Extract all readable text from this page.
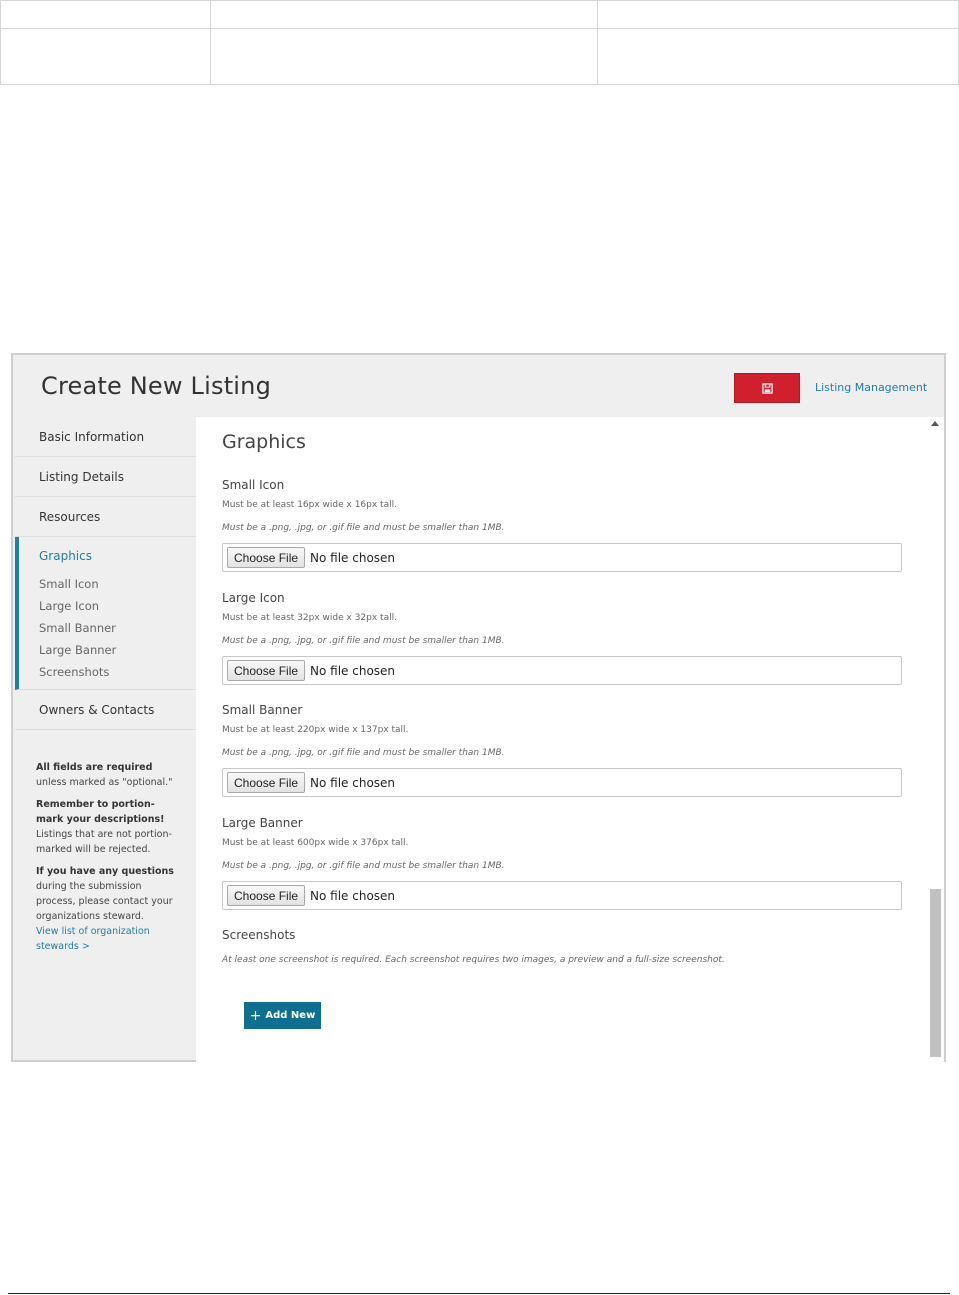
Create New Listing	Listing Management
Basic Information
Listing Details
Resources
Graphics
Small Icon
Large Icon
Small Banner
Large Banner
Screenshots
Owners & Contacts

All fields are required unless marked as "optional."

Remember to portion-mark your descriptions! Listings that are not portion-marked will be rejected.

If you have any questions during the submission process, please contact your organizations steward.
View list of organization stewards >

Graphics
Small Icon
Must be at least 16px wide x 16px tall.
Must be a .png, .jpg, or .gif file and must be smaller than 1MB.
Choose File	No file chosen
Large Icon
Must be at least 32px wide x 32px tall.
Must be a .png, .jpg, or .gif file and must be smaller than 1MB.
Choose File	No file chosen
Small Banner
Must be at least 220px wide x 137px tall.
Must be a .png, .jpg, or .gif file and must be smaller than 1MB.
Choose File	No file chosen
Large Banner
Must be at least 600px wide x 376px tall.
Must be a .png, .jpg, or .gif file and must be smaller than 1MB.
Choose File	No file chosen
Screenshots
At least one screenshot is required. Each screenshot requires two images, a preview and a full-size screenshot.
+ Add New
